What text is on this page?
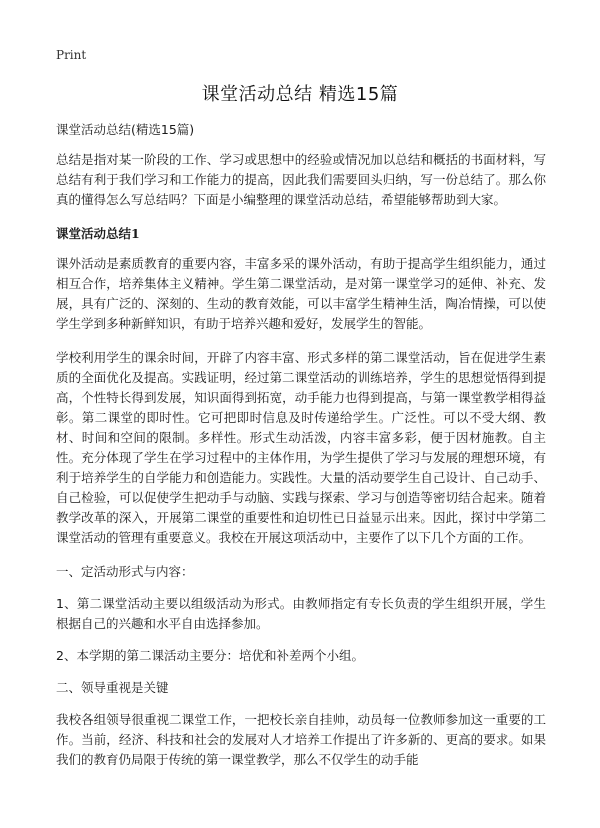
Print
课堂活动总结 精选15篇

课堂活动总结(精选15篇)

总结是指对某一阶段的工作、学习或思想中的经验或情况加以总结和概括的书面材料，写总结有利于我们学习和工作能力的提高，因此我们需要回头归纳，写一份总结了。那么你真的懂得怎么写总结吗？下面是小编整理的课堂活动总结，希望能够帮助到大家。

课堂活动总结1

课外活动是素质教育的重要内容，丰富多采的课外活动，有助于提高学生组织能力，通过相互合作，培养集体主义精神。学生第二课堂活动，是对第一课堂学习的延伸、补充、发展，具有广泛的、深刻的、生动的教育效能，可以丰富学生精神生活，陶冶情操，可以使学生学到多种新鲜知识，有助于培养兴趣和爱好，发展学生的智能。

学校利用学生的课余时间，开辟了内容丰富、形式多样的第二课堂活动，旨在促进学生素质的全面优化及提高。实践证明，经过第二课堂活动的训练培养，学生的思想觉悟得到提高，个性特长得到发展，知识面得到拓宽，动手能力也得到提高，与第一课堂教学相得益彰。第二课堂的即时性。它可把即时信息及时传递给学生。广泛性。可以不受大纲、教材、时间和空间的限制。多样性。形式生动活泼，内容丰富多彩，便于因材施教。自主性。充分体现了学生在学习过程中的主体作用，为学生提供了学习与发展的理想环境，有利于培养学生的自学能力和创造能力。实践性。大量的活动要学生自己设计、自己动手、自己检验，可以促使学生把动手与动脑、实践与探索、学习与创造等密切结合起来。随着教学改革的深入，开展第二课堂的重要性和迫切性已日益显示出来。因此，探讨中学第二课堂活动的管理有重要意义。我校在开展这项活动中，主要作了以下几个方面的工作。

一、定活动形式与内容：

1、第二课堂活动主要以组级活动为形式。由教师指定有专长负责的学生组织开展，学生根据自己的兴趣和水平自由选择参加。

2、本学期的第二课活动主要分：培优和补差两个小组。

二、领导重视是关键

我校各组领导很重视二课堂工作，一把校长亲自挂帅，动员每一位教师参加这一重要的工作。当前，经济、科技和社会的发展对人才培养工作提出了许多新的、更高的要求。如果我们的教育仍局限于传统的第一课堂教学，那么不仅学生的动手能
